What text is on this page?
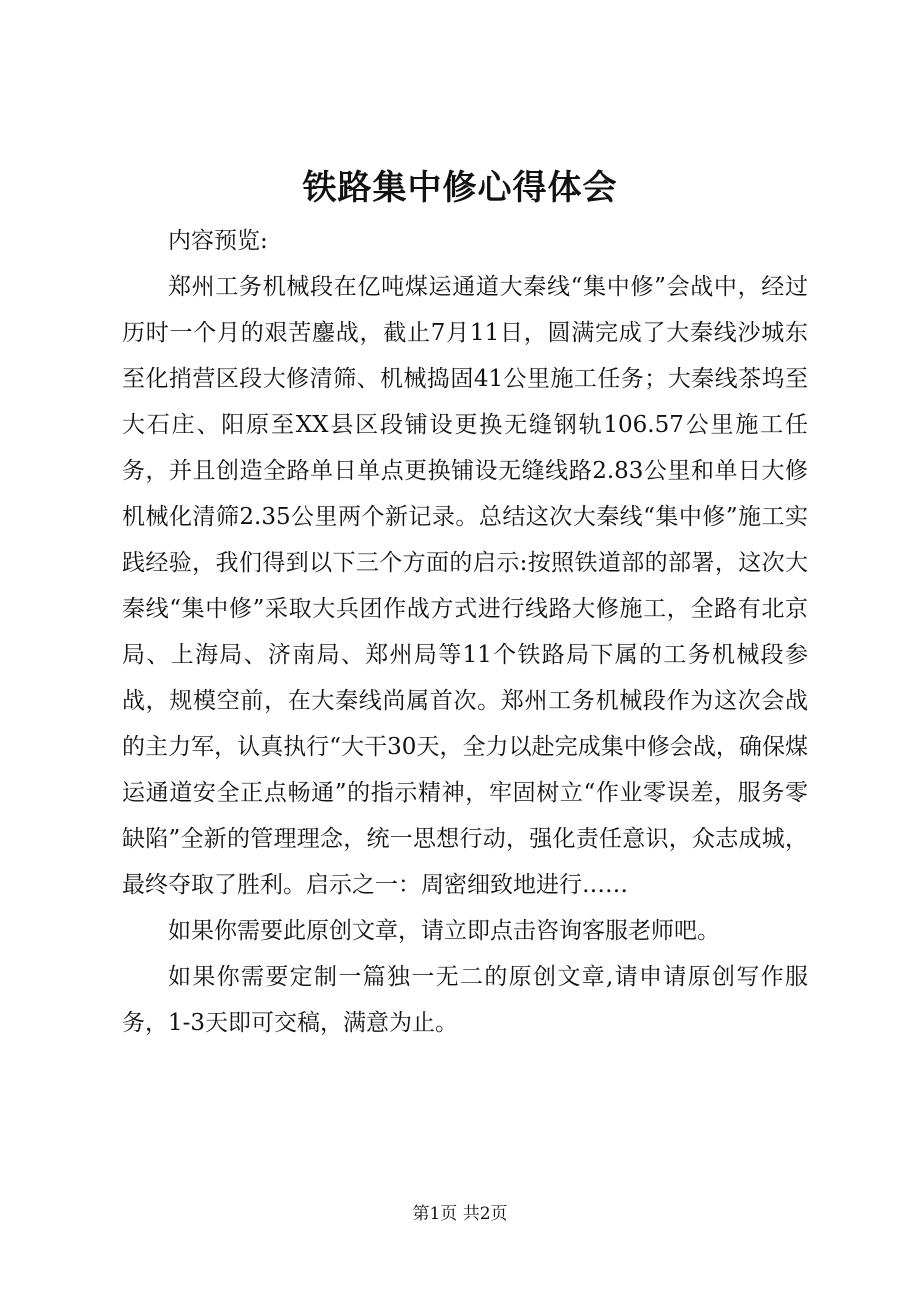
铁路集中修心得体会

内容预览:

郑州工务机械段在亿吨煤运通道大秦线“集中修”会战中，经过历时一个月的艰苦鏖战，截止7月11日，圆满完成了大秦线沙城东至化捎营区段大修清筛、机械捣固41公里施工任务；大秦线茶坞至大石庄、阳原至XX县区段铺设更换无缝钢轨106.57公里施工任务，并且创造全路单日单点更换铺设无缝线路2.83公里和单日大修机械化清筛2.35公里两个新记录。总结这次大秦线“集中修”施工实践经验，我们得到以下三个方面的启示:按照铁道部的部署，这次大秦线“集中修”采取大兵团作战方式进行线路大修施工，全路有北京局、上海局、济南局、郑州局等11个铁路局下属的工务机械段参战，规模空前，在大秦线尚属首次。郑州工务机械段作为这次会战的主力军，认真执行“大干30天，全力以赴完成集中修会战，确保煤运通道安全正点畅通”的指示精神，牢固树立“作业零误差，服务零缺陷”全新的管理理念，统一思想行动，强化责任意识，众志成城，最终夺取了胜利。启示之一：周密细致地进行……

如果你需要此原创文章，请立即点击咨询客服老师吧。

如果你需要定制一篇独一无二的原创文章,请申请原创写作服务，1-3天即可交稿，满意为止。

第1页 共2页
